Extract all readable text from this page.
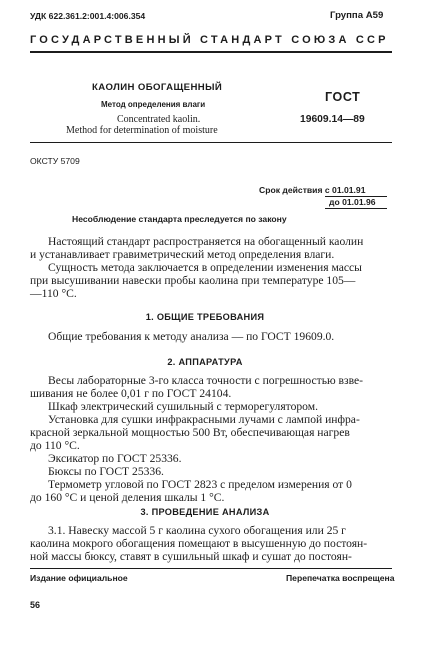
УДК 622.361.2:001.4:006.354	Группа А59
ГОСУДАРСТВЕННЫЙ СТАНДАРТ СОЮЗА ССР
КАОЛИН ОБОГАЩЕННЫЙ
Метод определения влаги
Concentrated kaolin.
Method for determination of moisture
ГОСТ
19609.14—89
ОКСТУ 5709
Срок действия с 01.01.91
до 01.01.96
Несоблюдение стандарта преследуется по закону
Настоящий стандарт распространяется на обогащенный каолин
и устанавливает гравиметрический метод определения влаги.
Сущность метода заключается в определении изменения массы
при высушивании навески пробы каолина при температуре 105—
—110 °С.
1. ОБЩИЕ ТРЕБОВАНИЯ
Общие требования к методу анализа — по ГОСТ 19609.0.
2. АППАРАТУРА
Весы лабораторные 3-го класса точности с погрешностью взве-
шивания не более 0,01 г по ГОСТ 24104.
Шкаф электрический сушильный с терморегулятором.
Установка для сушки инфракрасными лучами с лампой инфра-
красной зеркальной мощностью 500 Вт, обеспечивающая нагрев
до 110 °С.
Эксикатор по ГОСТ 25336.
Бюксы по ГОСТ 25336.
Термометр угловой по ГОСТ 2823 с пределом измерения от 0
до 160 °С и ценой деления шкалы 1 °С.
3. ПРОВЕДЕНИЕ АНАЛИЗА
3.1. Навеску массой 5 г каолина сухого обогащения или 25 г
каолина мокрого обогащения помещают в высушенную до постоян-
ной массы бюксу, ставят в сушильный шкаф и сушат до постоян-
Издание официальное	Перепечатка воспрещена
56
